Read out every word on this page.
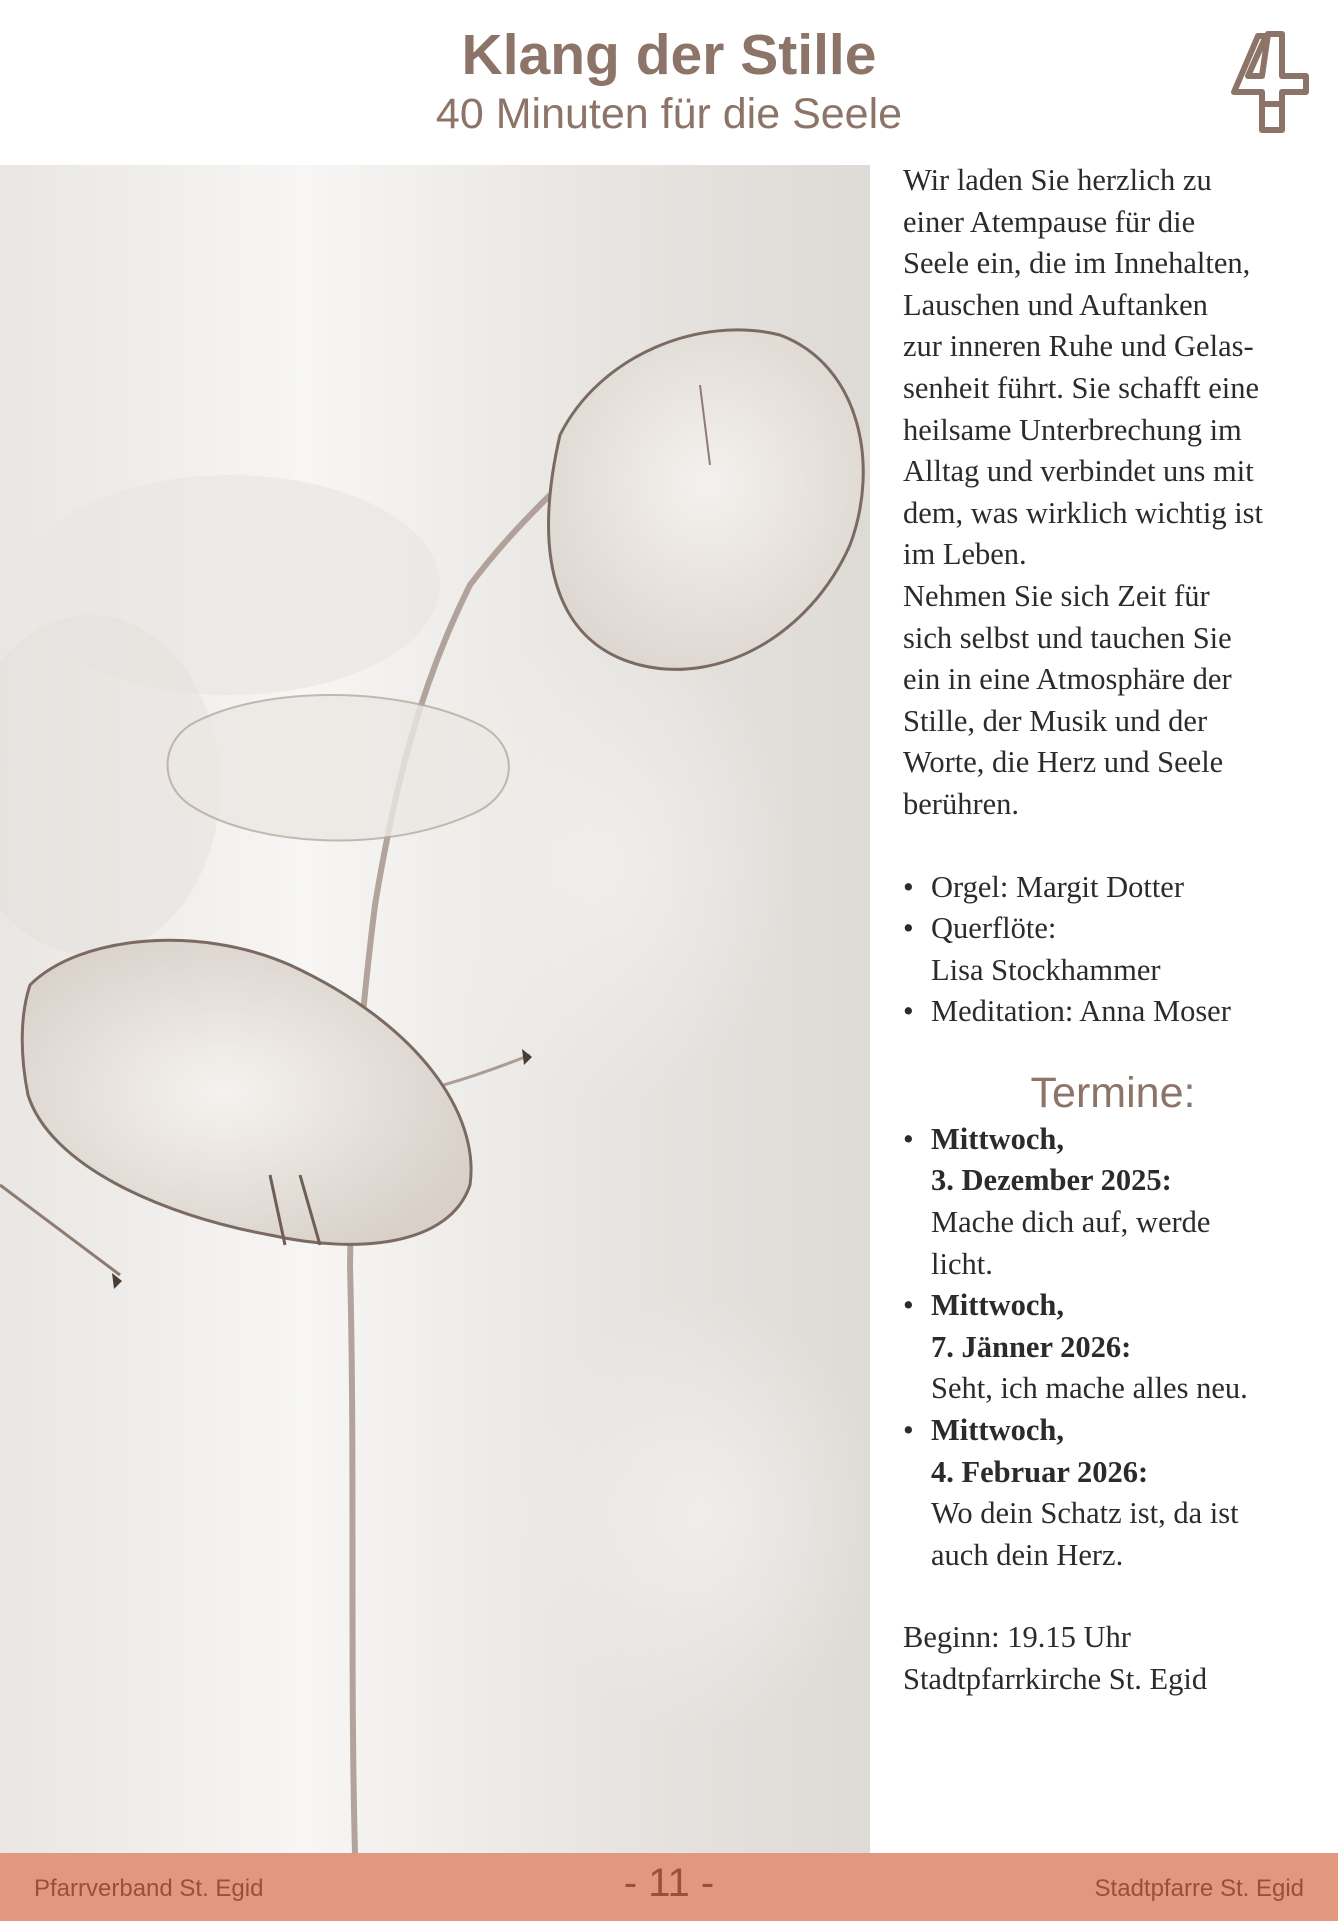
Klang der Stille
40 Minuten für die Seele

Wir laden Sie herzlich zu

einer Atempause für die

Seele ein, die im Innehalten,

Lauschen und Auftanken

zur inneren Ruhe und Gelas-

senheit führt. Sie schafft eine

heilsame Unterbrechung im

Alltag und verbindet uns mit

dem, was wirklich wichtig ist

im Leben.

Nehmen Sie sich Zeit für

sich selbst und tauchen Sie

ein in eine Atmosphäre der

Stille, der Musik und der

Worte, die Herz und Seele

berühren.

• Orgel: Margit Dotter
• Querflöte:
Lisa Stockhammer
• Meditation: Anna Moser
Termine:
• Mittwoch,
3. Dezember 2025:
Mache dich auf, werde
licht.
• Mittwoch,
7. Jänner 2026:
Seht, ich mache alles neu.
• Mittwoch,
4. Februar 2026:
Wo dein Schatz ist, da ist
auch dein Herz.

Beginn: 19.15 Uhr

Stadtpfarrkirche St. Egid

Pfarrverband St. Egid	- 11 -	Stadtpfarre St. Egid
